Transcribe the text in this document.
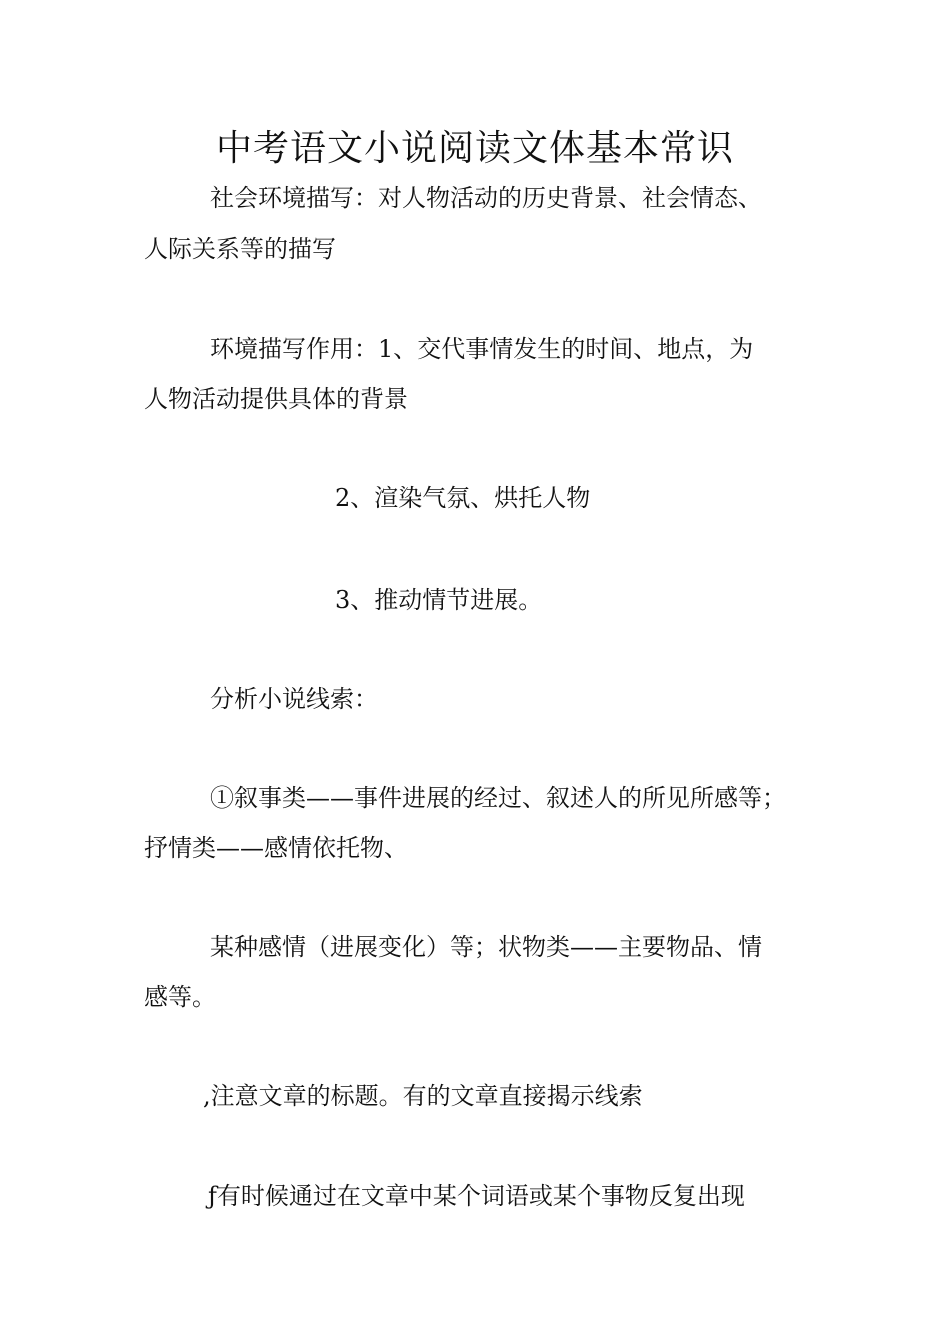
中考语文小说阅读文体基本常识

社会环境描写：对人物活动的历史背景、社会情态、

人际关系等的描写

环境描写作用：1、交代事情发生的时间、地点，为

人物活动提供具体的背景

2、渲染气氛、烘托人物

3、推动情节进展。

分析小说线索：

①叙事类——事件进展的经过、叙述人的所见所感等；

抒情类——感情依托物、

某种感情（进展变化）等；状物类——主要物品、情

感等。

,注意文章的标题。有的文章直接揭示线索

ƒ有时候通过在文章中某个词语或某个事物反复出现
